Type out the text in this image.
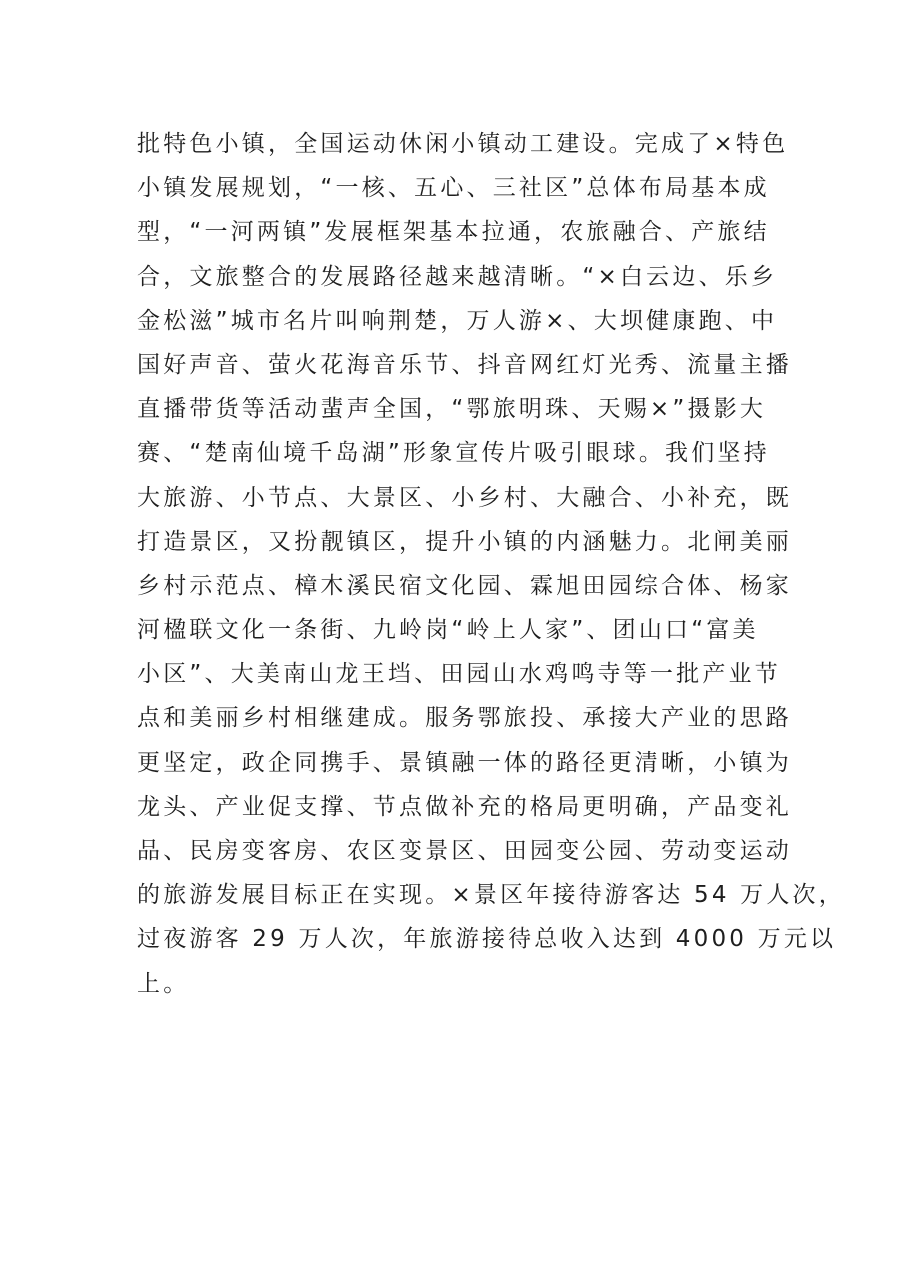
批特色小镇，全国运动休闲小镇动工建设。完成了×特色
小镇发展规划，“一核、五心、三社区”总体布局基本成
型，“一河两镇”发展框架基本拉通，农旅融合、产旅结
合，文旅整合的发展路径越来越清晰。“×白云边、乐乡
金松滋”城市名片叫响荆楚，万人游×、大坝健康跑、中
国好声音、萤火花海音乐节、抖音网红灯光秀、流量主播
直播带货等活动蜚声全国，“鄂旅明珠、天赐×”摄影大
赛、“楚南仙境千岛湖”形象宣传片吸引眼球。我们坚持
大旅游、小节点、大景区、小乡村、大融合、小补充，既
打造景区，又扮靓镇区，提升小镇的内涵魅力。北闸美丽
乡村示范点、樟木溪民宿文化园、霖旭田园综合体、杨家
河楹联文化一条街、九岭岗“岭上人家”、团山口“富美
小区”、大美南山龙王垱、田园山水鸡鸣寺等一批产业节
点和美丽乡村相继建成。服务鄂旅投、承接大产业的思路
更坚定，政企同携手、景镇融一体的路径更清晰，小镇为
龙头、产业促支撑、节点做补充的格局更明确，产品变礼
品、民房变客房、农区变景区、田园变公园、劳动变运动
的旅游发展目标正在实现。×景区年接待游客达 54 万人次，
过夜游客 29 万人次，年旅游接待总收入达到 4000 万元以
上。
